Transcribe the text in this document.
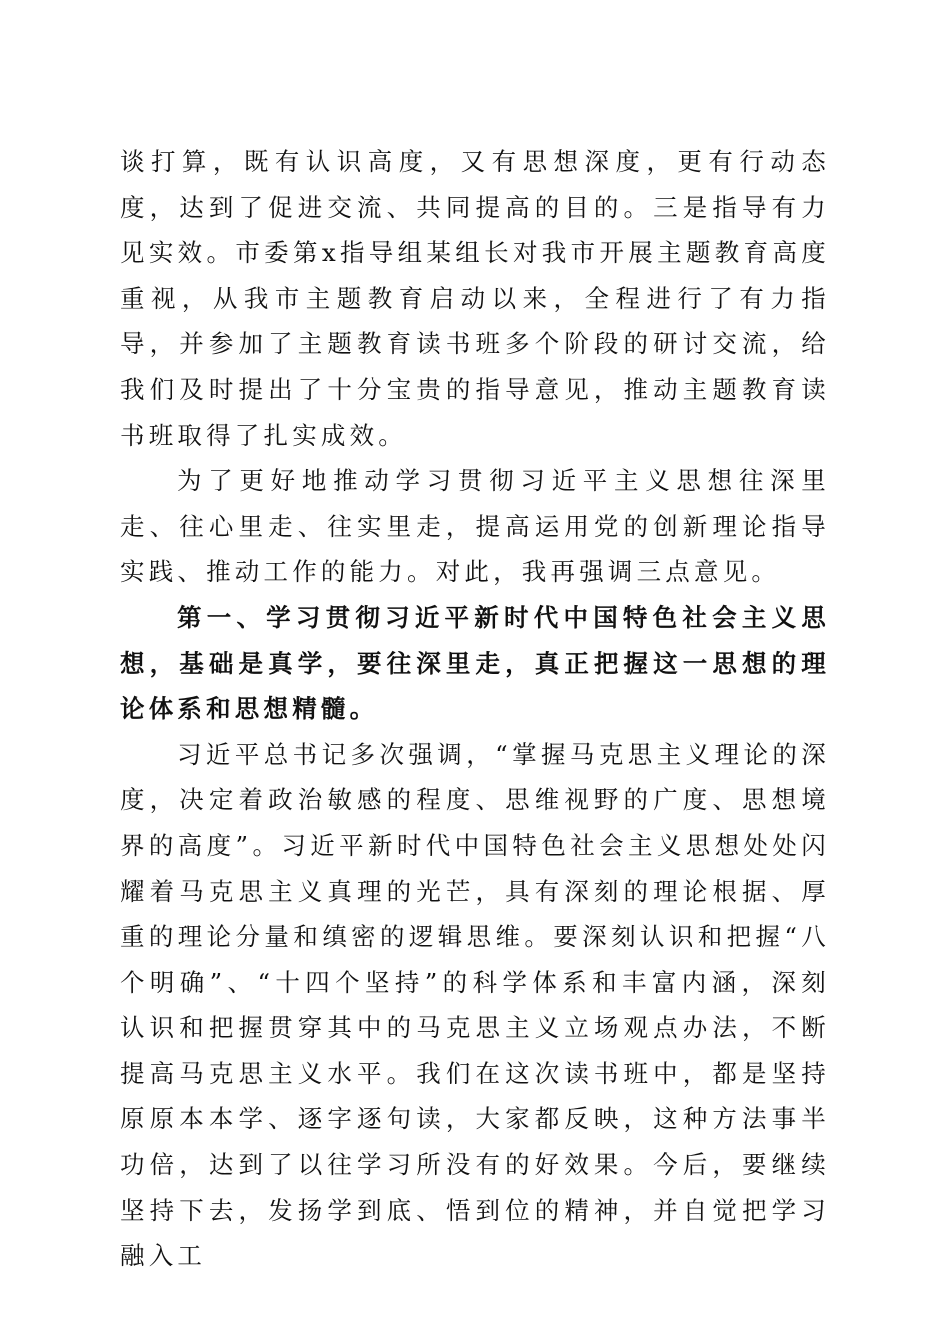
谈打算，既有认识高度，又有思想深度，更有行动态度，达到了促进交流、共同提高的目的。三是指导有力见实效。市委第x指导组某组长对我市开展主题教育高度重视，从我市主题教育启动以来，全程进行了有力指导，并参加了主题教育读书班多个阶段的研讨交流，给我们及时提出了十分宝贵的指导意见，推动主题教育读书班取得了扎实成效。

为了更好地推动学习贯彻习近平主义思想往深里走、往心里走、往实里走，提高运用党的创新理论指导实践、推动工作的能力。对此，我再强调三点意见。

第一、学习贯彻习近平新时代中国特色社会主义思想，基础是真学，要往深里走，真正把握这一思想的理论体系和思想精髓。

习近平总书记多次强调，“掌握马克思主义理论的深度，决定着政治敏感的程度、思维视野的广度、思想境界的高度”。习近平新时代中国特色社会主义思想处处闪耀着马克思主义真理的光芒，具有深刻的理论根据、厚重的理论分量和缜密的逻辑思维。要深刻认识和把握“八个明确”、“十四个坚持”的科学体系和丰富内涵，深刻认识和把握贯穿其中的马克思主义立场观点办法，不断提高马克思主义水平。我们在这次读书班中，都是坚持原原本本学、逐字逐句读，大家都反映，这种方法事半功倍，达到了以往学习所没有的好效果。今后，要继续坚持下去，发扬学到底、悟到位的精神，并自觉把学习融入工
